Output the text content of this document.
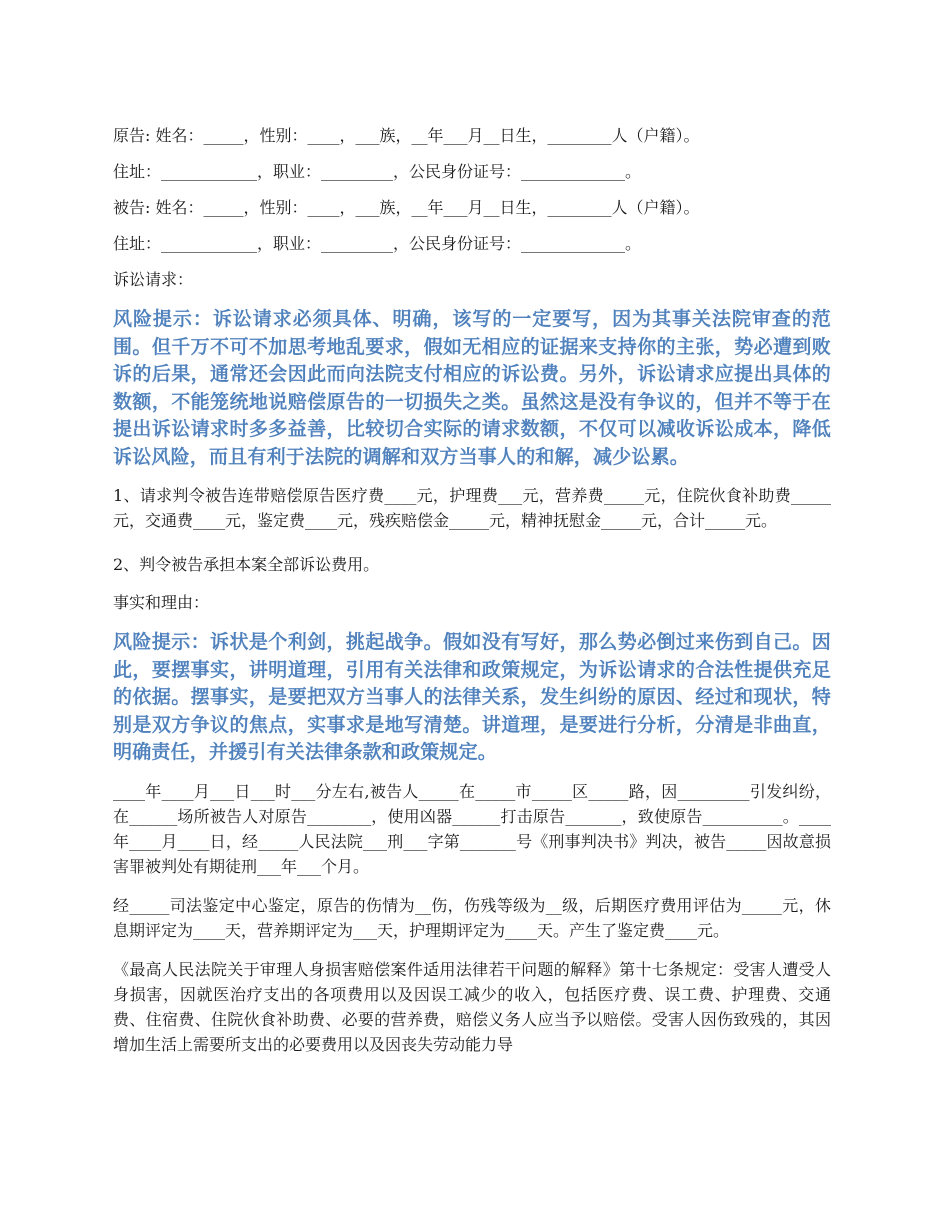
原告: 姓名：_____，性别：____，___族，__年___月__日生，________人（户籍）。

住址：____________，职业：_________，公民身份证号：_____________。

被告: 姓名：_____，性别：____，___族，__年___月__日生，________人（户籍）。

住址：____________，职业：_________，公民身份证号：_____________。

诉讼请求：

风险提示：诉讼请求必须具体、明确，该写的一定要写，因为其事关法院审查的范围。但千万不可不加思考地乱要求，假如无相应的证据来支持你的主张，势必遭到败诉的后果，通常还会因此而向法院支付相应的诉讼费。另外，诉讼请求应提出具体的数额，不能笼统地说赔偿原告的一切损失之类。虽然这是没有争议的，但并不等于在提出诉讼请求时多多益善，比较切合实际的请求数额，不仅可以减收诉讼成本，降低诉讼风险，而且有利于法院的调解和双方当事人的和解，减少讼累。

1、请求判令被告连带赔偿原告医疗费____元，护理费___元，营养费_____元，住院伙食补助费_____元，交通费____元，鉴定费____元，残疾赔偿金_____元，精神抚慰金_____元，合计_____元。

2、判令被告承担本案全部诉讼费用。

事实和理由：

风险提示：诉状是个利剑，挑起战争。假如没有写好，那么势必倒过来伤到自己。因此，要摆事实，讲明道理，引用有关法律和政策规定，为诉讼请求的合法性提供充足的依据。摆事实，是要把双方当事人的法律关系，发生纠纷的原因、经过和现状，特别是双方争议的焦点，实事求是地写清楚。讲道理，是要进行分析，分清是非曲直，明确责任，并援引有关法律条款和政策规定。

____年____月___日___时___分左右,被告人_____在_____市_____区_____路，因_________引发纠纷，在______场所被告人对原告________，使用凶器______打击原告_______，致使原告__________。____年____月____日，经_____人民法院___刑___字第_______号《刑事判决书》判决，被告_____因故意损害罪被判处有期徒刑___年___个月。

经_____司法鉴定中心鉴定，原告的伤情为__伤，伤残等级为__级，后期医疗费用评估为_____元，休息期评定为____天，营养期评定为___天，护理期评定为____天。产生了鉴定费____元。

《最高人民法院关于审理人身损害赔偿案件适用法律若干问题的解释》第十七条规定：受害人遭受人身损害，因就医治疗支出的各项费用以及因误工减少的收入，包括医疗费、误工费、护理费、交通费、住宿费、住院伙食补助费、必要的营养费，赔偿义务人应当予以赔偿。受害人因伤致残的，其因增加生活上需要所支出的必要费用以及因丧失劳动能力导
